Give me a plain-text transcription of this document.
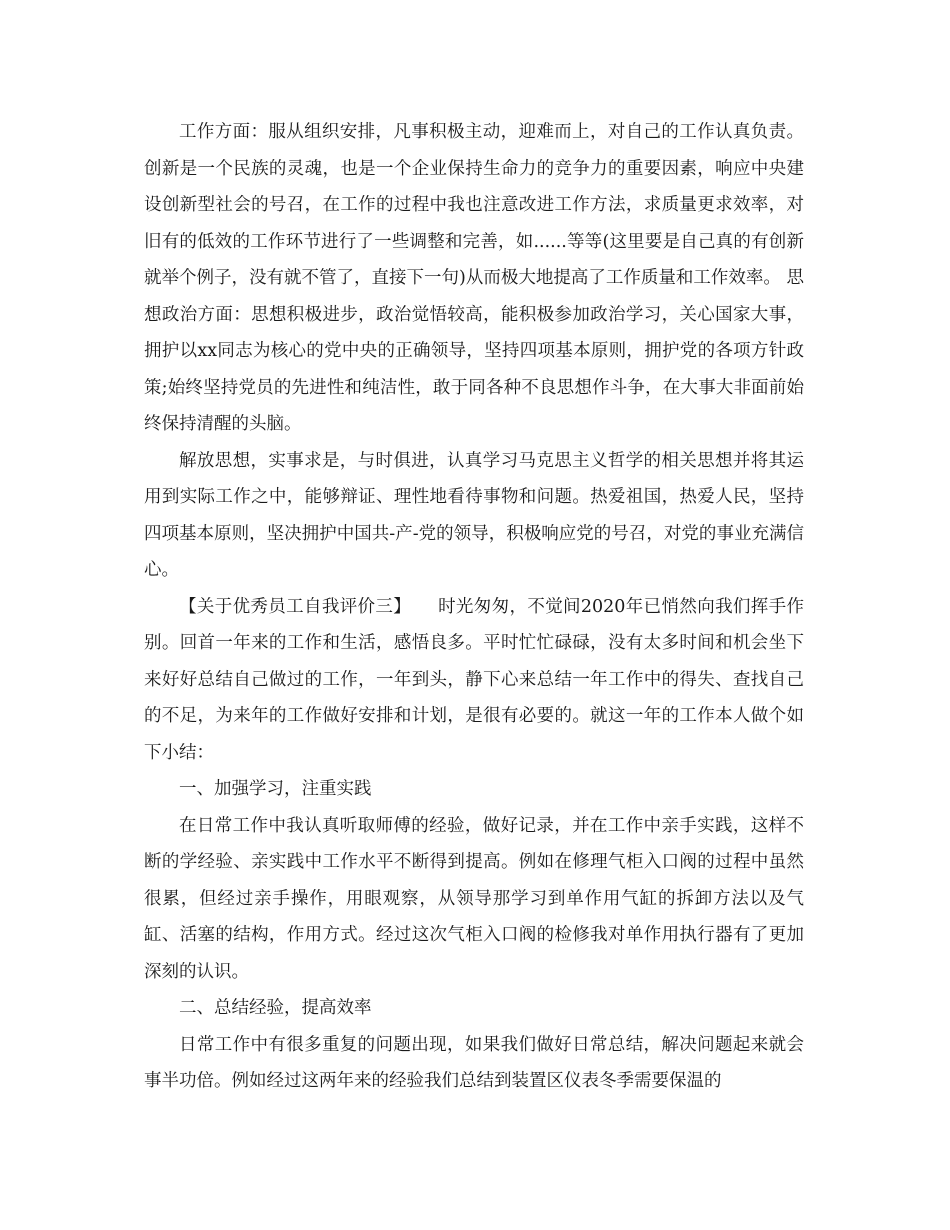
工作方面：服从组织安排，凡事积极主动，迎难而上，对自己的工作认真负责。创新是一个民族的灵魂，也是一个企业保持生命力的竞争力的重要因素，响应中央建设创新型社会的号召，在工作的过程中我也注意改进工作方法，求质量更求效率，对旧有的低效的工作环节进行了一些调整和完善，如......等等(这里要是自己真的有创新就举个例子，没有就不管了，直接下一句)从而极大地提高了工作质量和工作效率。 思想政治方面：思想积极进步，政治觉悟较高，能积极参加政治学习，关心国家大事，拥护以xx同志为核心的党中央的正确领导，坚持四项基本原则，拥护党的各项方针政策;始终坚持党员的先进性和纯洁性，敢于同各种不良思想作斗争，在大事大非面前始终保持清醒的头脑。

解放思想，实事求是，与时俱进，认真学习马克思主义哲学的相关思想并将其运用到实际工作之中，能够辩证、理性地看待事物和问题。热爱祖国，热爱人民，坚持四项基本原则，坚决拥护中国共-产-党的领导，积极响应党的号召，对党的事业充满信心。

【关于优秀员工自我评价三】　　时光匆匆，不觉间2020年已悄然向我们挥手作别。回首一年来的工作和生活，感悟良多。平时忙忙碌碌，没有太多时间和机会坐下来好好总结自己做过的工作，一年到头，静下心来总结一年工作中的得失、查找自己的不足，为来年的工作做好安排和计划，是很有必要的。就这一年的工作本人做个如下小结：

一、加强学习，注重实践

在日常工作中我认真听取师傅的经验，做好记录，并在工作中亲手实践，这样不断的学经验、亲实践中工作水平不断得到提高。例如在修理气柜入口阀的过程中虽然很累，但经过亲手操作，用眼观察，从领导那学习到单作用气缸的拆卸方法以及气缸、活塞的结构，作用方式。经过这次气柜入口阀的检修我对单作用执行器有了更加深刻的认识。

二、总结经验，提高效率

日常工作中有很多重复的问题出现，如果我们做好日常总结，解决问题起来就会事半功倍。例如经过这两年来的经验我们总结到装置区仪表冬季需要保温的
